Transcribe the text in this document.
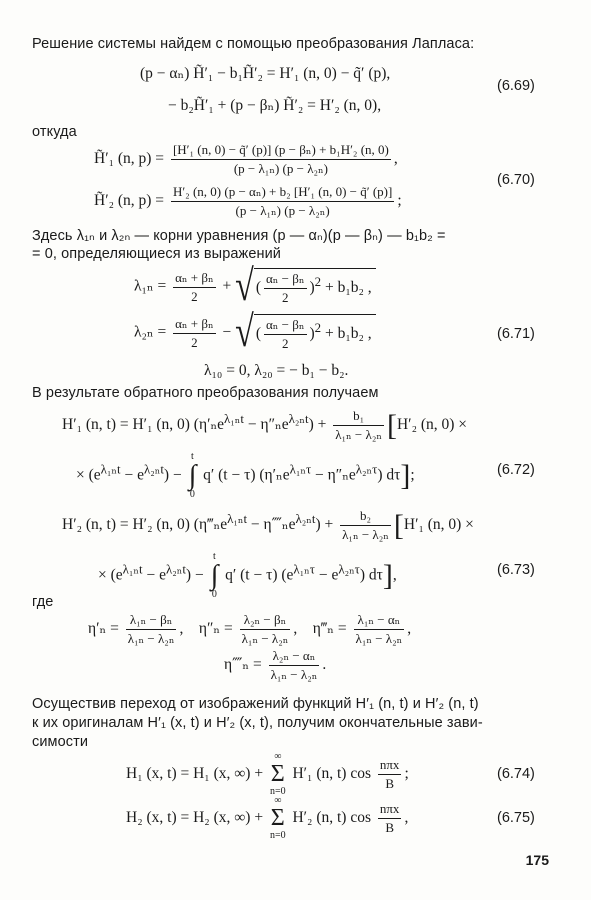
Решение системы найдем с помощью преобразования Лапласа:
(p − αₙ) H̃′₁ − b₁H̃′₂ = H′₁ (n, 0) − q̃′ (p),
(6.69)
− b₂H̃′₁ + (p − βₙ) H̃′₂ = H′₂ (n, 0),
откуда
H̃′₁ (n, $p) = \frac{\text{[H′₁ (n, 0) − q̃′ (p)] (p − βₙ) + b₁H′₂ (n, 0)}}{\text{(p − λ₁ₙ) (p − λ₂ₙ)}}$ ,
(6.70)
H̃′₂ (n, $p) = \frac{\text{H′₂ (n, 0) (p − αₙ) + b₂ [H′₁ (n, 0) − q̃′ (p)]}}{\text{(p − λ₁ₙ) (p − λ₂ₙ)}}$ ;
Здесь λ₁ₙ и λ₂ₙ — корни уравнения (p — αₙ)(p — βₙ) — b₁b₂ =
= 0, определяющиеся из выражений
$\lambda_{1n} = \frac{\text{αₙ + βₙ}}{2}$ + √ ( $\frac{\text{αₙ − βₙ}}{2} )^2 + b_1b_2$ ,
$\lambda_{2n} = \frac{\text{αₙ + βₙ}}{2}$ − √ ( $\frac{\text{αₙ − βₙ}}{2} )^2 + b_1b_2$ ,	(6.71)
λ₁₀ = 0, λ₂₀ = − b₁ − b₂.
В результате обратного преобразования получаем
H′₁ (n, t) = H′₁ (n, 0) $(\eta'_ne^{\lambda_{1n}t} - \eta''_ne^{\lambda_{2n}t}) + \frac{\text{b₁}}{\text{λ₁ₙ − λ₂ₙ}} [H'_2$ (n, 0) ×
× $(e^{\lambda_{1n}t} - e^{\lambda_{2n}t})$ −
t
∫
0
q′ (t − τ) (η′ₙe$^{\lambda_{1n}\tau}$ − η″ₙe$^{\lambda_{2n}\tau}$) dτ];	(6.72)
H′₂ (n, t) = H′₂ (n, 0) (η‴ₙe$^{\lambda_{1n}t}$ − η⁗ₙe$^{\lambda_{2n}t}$) + $\frac{\text{b₂}}{\text{λ₁ₙ − λ₂ₙ}} [H'_1$ (n, 0) ×
× $(e^{\lambda_{1n}t} - e^{\lambda_{2n}t})$ −
t
∫
0
q′ (t − τ) $(e^{\lambda_{1n}\tau} - e^{\lambda_{2n}\tau})$ dτ],	(6.73)
где
$\eta'_n = \frac{\text{λ₁ₙ − βₙ}}{\text{λ₁ₙ − λ₂ₙ}}$ ,    $\eta''_n = \frac{\text{λ₂ₙ − βₙ}}{\text{λ₁ₙ − λ₂ₙ}}$ ,    η‴ₙ = $\frac{\text{λ₁ₙ − αₙ}}{\text{λ₁ₙ − λ₂ₙ}}$ ,
η⁗ₙ = $\frac{\text{λ₂ₙ − αₙ}}{\text{λ₁ₙ − λ₂ₙ}}$ .
Осуществив переход от изображений функций H′₁ (n, t) и H′₂ (n, t)
к их оригиналам H′₁ (x, t) и H′₂ (x, t), получим окончательные зави-
симости
H₁ (x, t) = H₁ (x, ∞) +
∞
Σ
n=0
H′₁ (n, t) $\cos \frac{\text{nπx}}{B}$ ;	(6.74)
H₂ (x, t) = H₂ (x, ∞) +
∞
Σ
n=0
H′₂ (n, t) $\cos \frac{\text{nπx}}{B}$ ,	(6.75)
175
